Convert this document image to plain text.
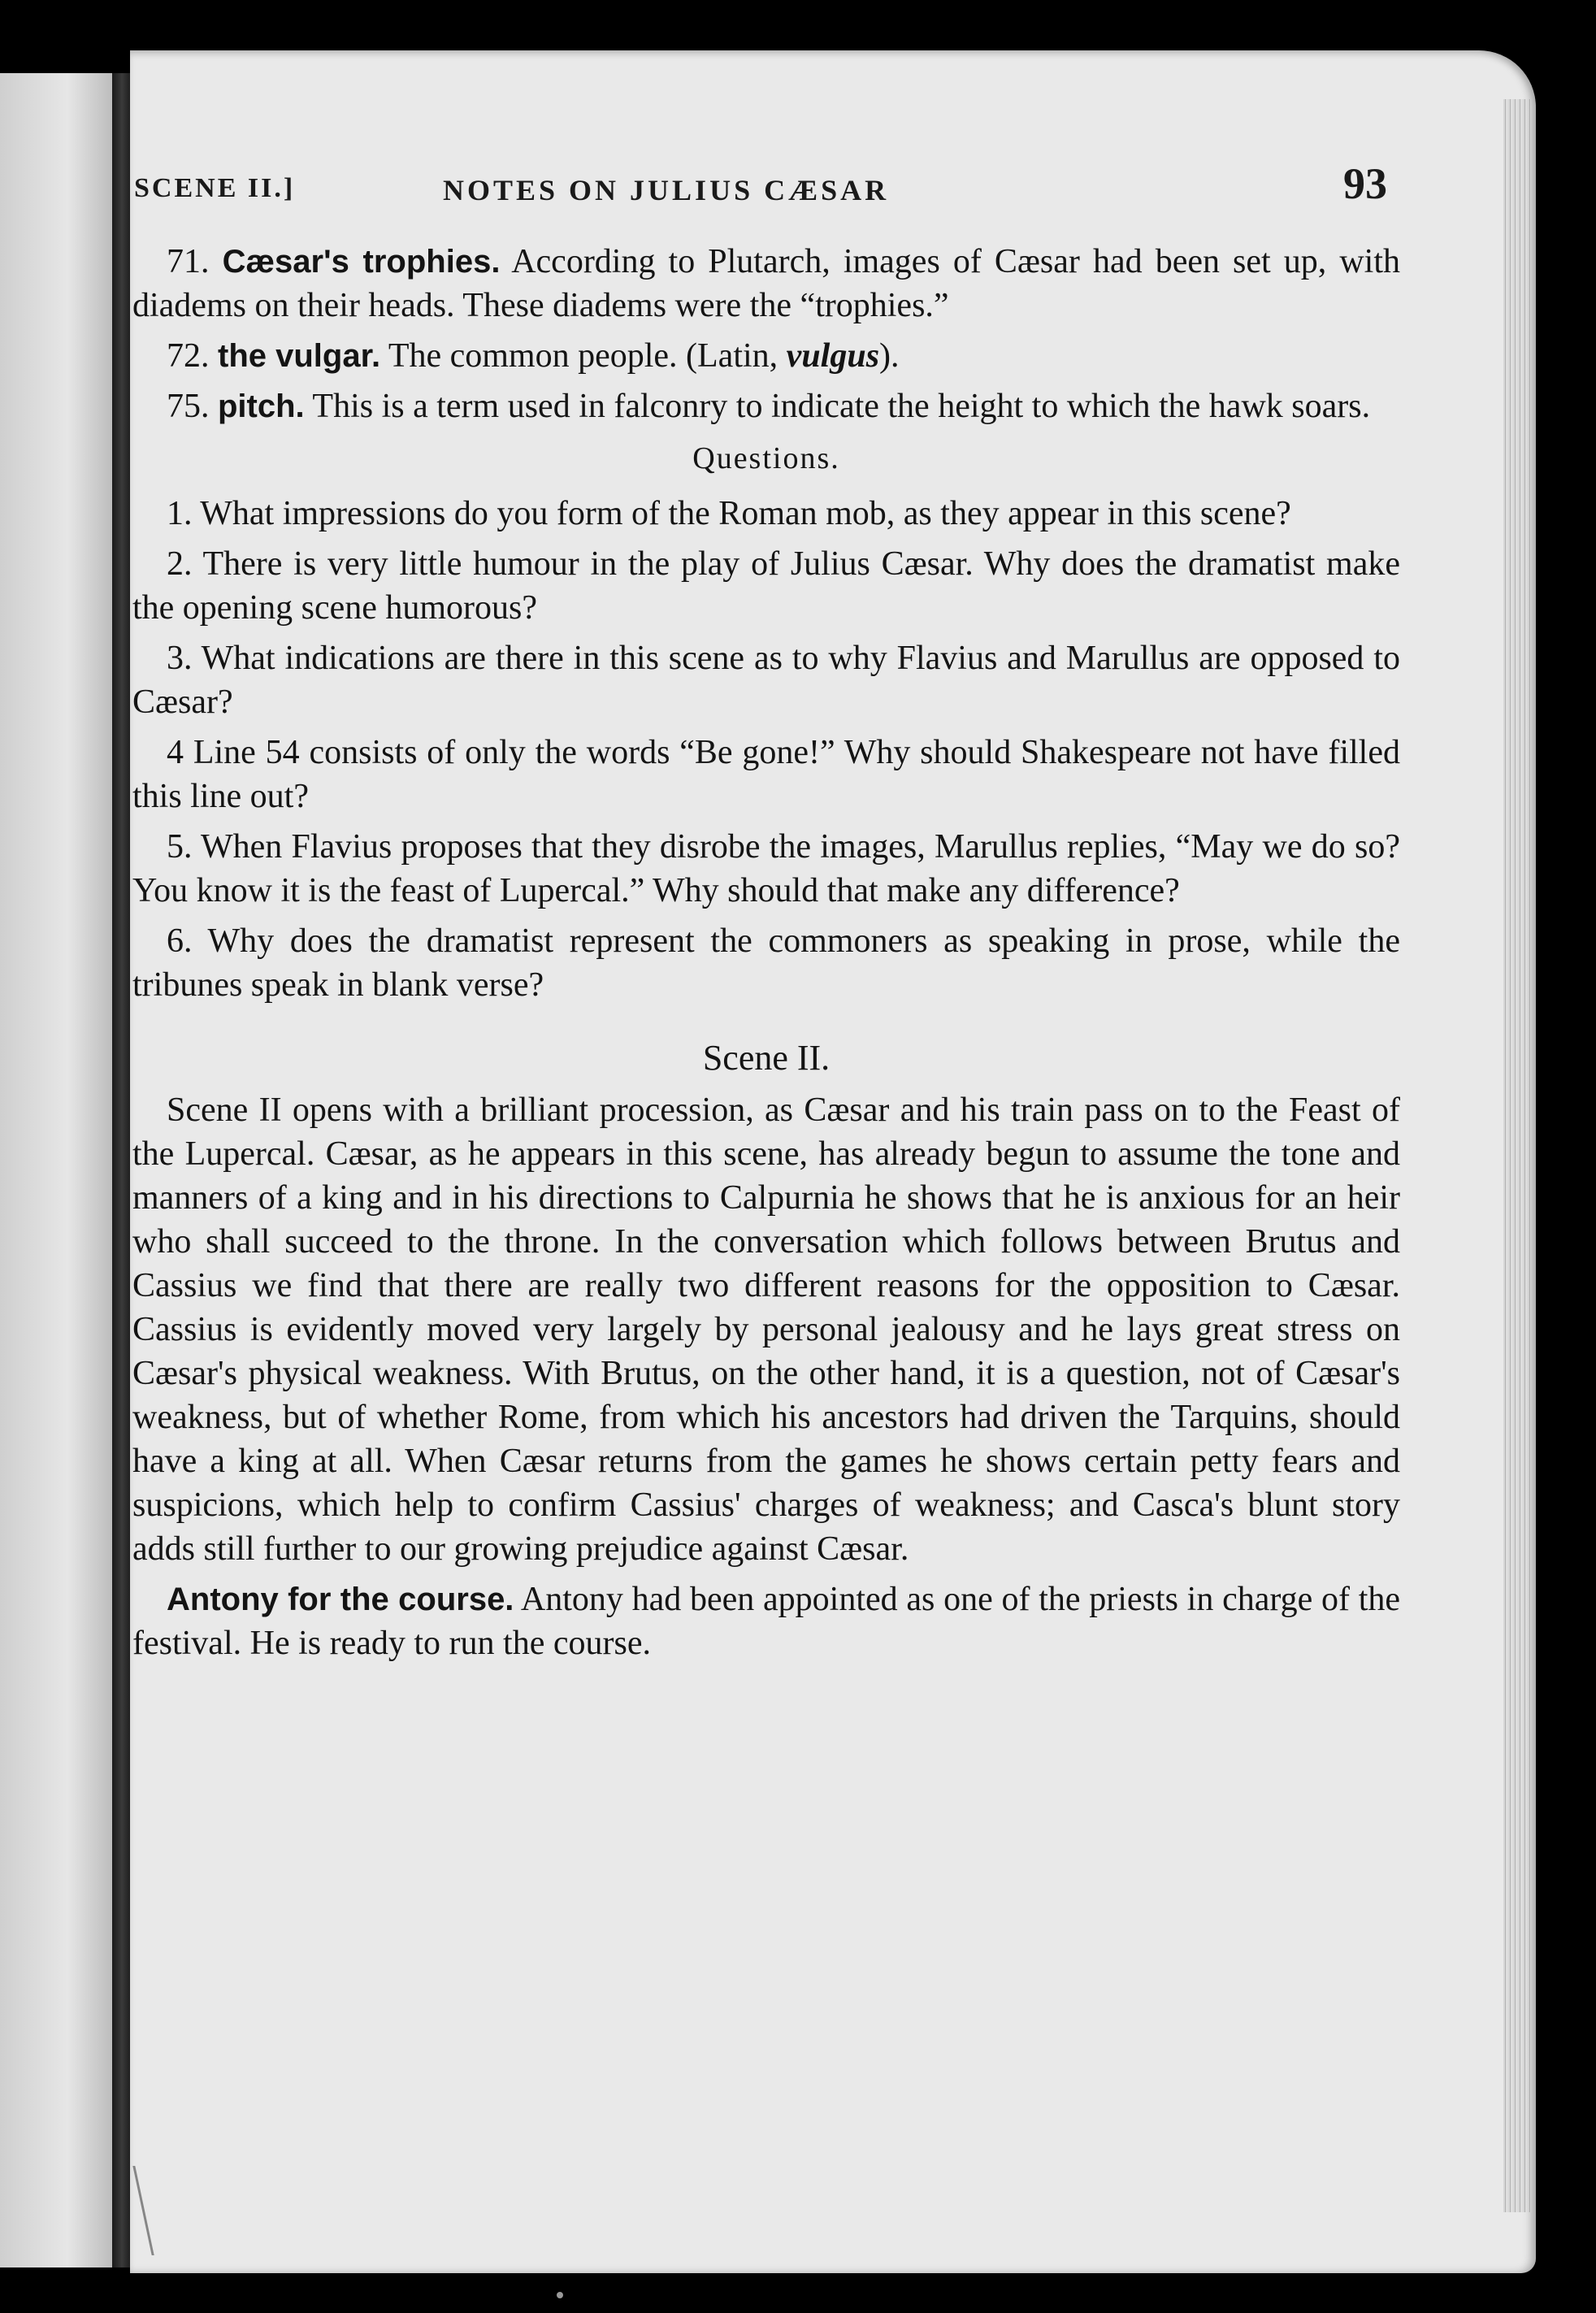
SCENE II.]	NOTES ON JULIUS CÆSAR	93

71. Cæsar's trophies. According to Plutarch, images of Cæsar had been set up, with diadems on their heads. These diadems were the “trophies.”

72. the vulgar. The common people. (Latin, vulgus).

75. pitch. This is a term used in falconry to indicate the height to which the hawk soars.

Questions.

1. What impressions do you form of the Roman mob, as they appear in this scene?

2. There is very little humour in the play of Julius Cæsar. Why does the dramatist make the opening scene humorous?

3. What indications are there in this scene as to why Flavius and Marullus are opposed to Cæsar?

4 Line 54 consists of only the words “Be gone!” Why should Shakespeare not have filled this line out?

5. When Flavius proposes that they disrobe the images, Marullus replies, “May we do so? You know it is the feast of Lupercal.” Why should that make any difference?

6. Why does the dramatist represent the commoners as speaking in prose, while the tribunes speak in blank verse?

Scene II.

Scene II opens with a brilliant procession, as Cæsar and his train pass on to the Feast of the Lupercal. Cæsar, as he appears in this scene, has already begun to assume the tone and manners of a king and in his directions to Calpurnia he shows that he is anxious for an heir who shall succeed to the throne. In the conversation which follows between Brutus and Cassius we find that there are really two different reasons for the opposition to Cæsar. Cassius is evidently moved very largely by personal jealousy and he lays great stress on Cæsar's physical weakness. With Brutus, on the other hand, it is a question, not of Cæsar's weakness, but of whether Rome, from which his ancestors had driven the Tarquins, should have a king at all. When Cæsar returns from the games he shows certain petty fears and suspicions, which help to confirm Cassius' charges of weakness; and Casca's blunt story adds still further to our growing prejudice against Cæsar.

Antony for the course. Antony had been appointed as one of the priests in charge of the festival. He is ready to run the course.
